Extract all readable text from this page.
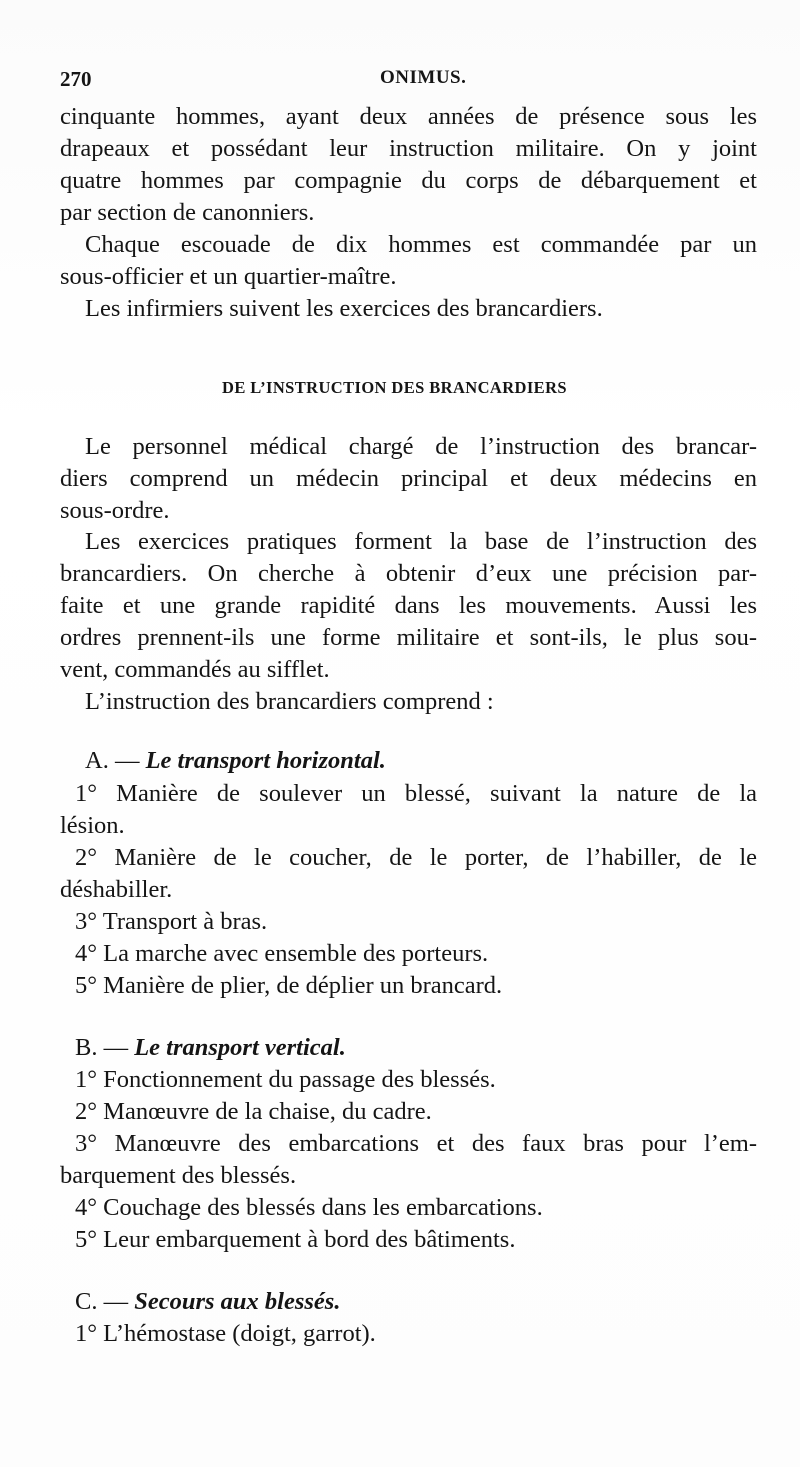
270	ONIMUS.
cinquante hommes, ayant deux années de présence sous les
drapeaux et possédant leur instruction militaire. On y joint
quatre hommes par compagnie du corps de débarquement et
par section de canonniers.
Chaque escouade de dix hommes est commandée par un
sous-officier et un quartier-maître.
Les infirmiers suivent les exercices des brancardiers.
DE L’INSTRUCTION DES BRANCARDIERS
Le personnel médical chargé de l’instruction des brancar-
diers comprend un médecin principal et deux médecins en
sous-ordre.
Les exercices pratiques forment la base de l’instruction des
brancardiers. On cherche à obtenir d’eux une précision par-
faite et une grande rapidité dans les mouvements. Aussi les
ordres prennent-ils une forme militaire et sont-ils, le plus sou-
vent, commandés au sifflet.
L’instruction des brancardiers comprend :
A. — Le transport horizontal.
1° Manière de soulever un blessé, suivant la nature de la
lésion.
2° Manière de le coucher, de le porter, de l’habiller, de le
déshabiller.
3° Transport à bras.
4° La marche avec ensemble des porteurs.
5° Manière de plier, de déplier un brancard.
B. — Le transport vertical.
1° Fonctionnement du passage des blessés.
2° Manœuvre de la chaise, du cadre.
3° Manœuvre des embarcations et des faux bras pour l’em-
barquement des blessés.
4° Couchage des blessés dans les embarcations.
5° Leur embarquement à bord des bâtiments.
C. — Secours aux blessés.
1° L’hémostase (doigt, garrot).
